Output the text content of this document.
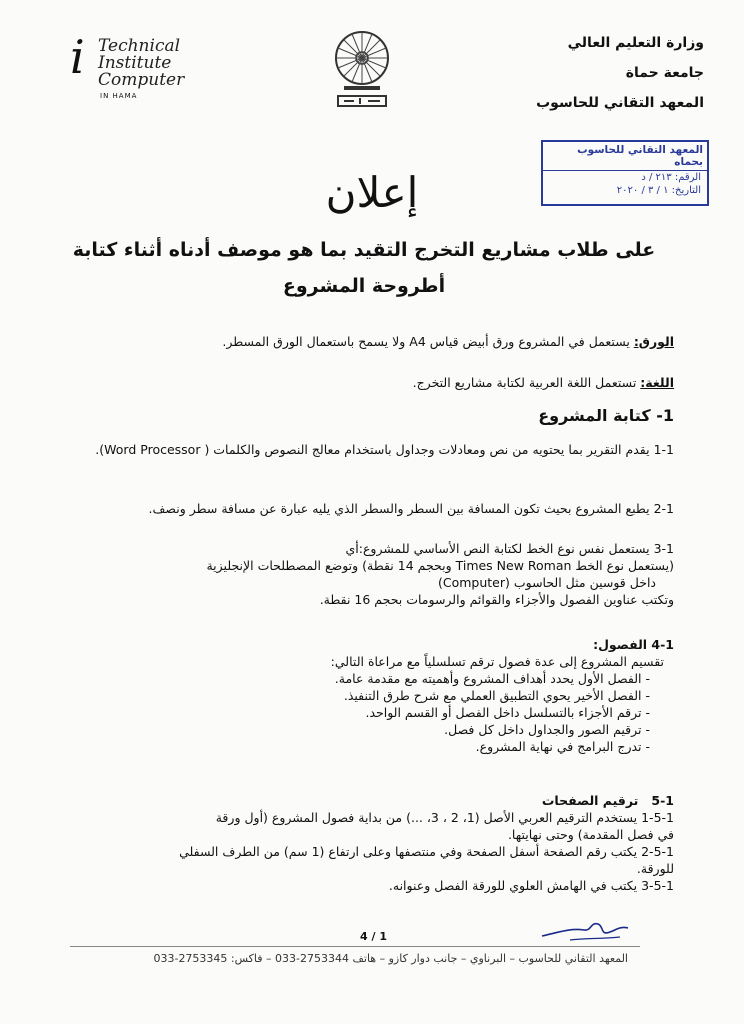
وزارة التعليم العالي
جامعة حماة
المعهد التقاني للحاسوب
i Technical
Institute
Computer
IN HAMA
المعهد التقاني للحاسوب بحماه
الرقم: ٢١٣ / د
التاريخ: ١ / ٣ / ٢٠٢٠
إعلان
على طلاب مشاريع التخرج التقيد بما هو موصف أدناه أثناء كتابة أطروحة المشروع
الورق: يستعمل في المشروع ورق أبيض قياس A4 ولا يسمح باستعمال الورق المسطر.
اللغة: تستعمل اللغة العربية لكتابة مشاريع التخرج.
1- كتابة المشروع
1-1 يقدم التقرير بما يحتويه من نص ومعادلات وجداول باستخدام معالج النصوص والكلمات ( Word Processor).
2-1 يطبع المشروع بحيث تكون المسافة بين السطر والسطر الذي يليه عبارة عن مسافة سطر ونصف.
3-1 يستعمل نفس نوع الخط لكتابة النص الأساسي للمشروع:أي
(يستعمل نوع الخط Times New Roman وبحجم 14 نقطة) وتوضع المصطلحات الإنجليزية
داخل قوسين مثل الحاسوب (Computer)
وتكتب عناوين الفصول والأجزاء والقوائم والرسومات بحجم 16 نقطة.
4-1 الفصول:
تقسيم المشروع إلى عدة فصول ترقم تسلسلياً مع مراعاة التالي:
- الفصل الأول يحدد أهداف المشروع وأهميته مع مقدمة عامة.
- الفصل الأخير يحوي التطبيق العملي مع شرح طرق التنفيذ.
- ترقم الأجزاء بالتسلسل داخل الفصل أو القسم الواحد.
- ترقيم الصور والجداول داخل كل فصل.
- تدرج البرامج في نهاية المشروع.
5-1   ترقيم الصفحات
1-5-1 يستخدم الترقيم العربي الأصل (1، 2 ، 3، ...) من بداية فصول المشروع (أول ورقة
في فصل المقدمة) وحتى نهايتها.
2-5-1 يكتب رقم الصفحة أسفل الصفحة وفي منتصفها وعلى ارتفاع (1 سم) من الطرف السفلي
للورقة.
3-5-1 يكتب في الهامش العلوي للورقة الفصل وعنوانه.
4 / 1
المعهد التقاني للحاسوب – البرناوي – جانب دوار كازو – هاتف 2753344-033 – فاكس: 2753345-033
